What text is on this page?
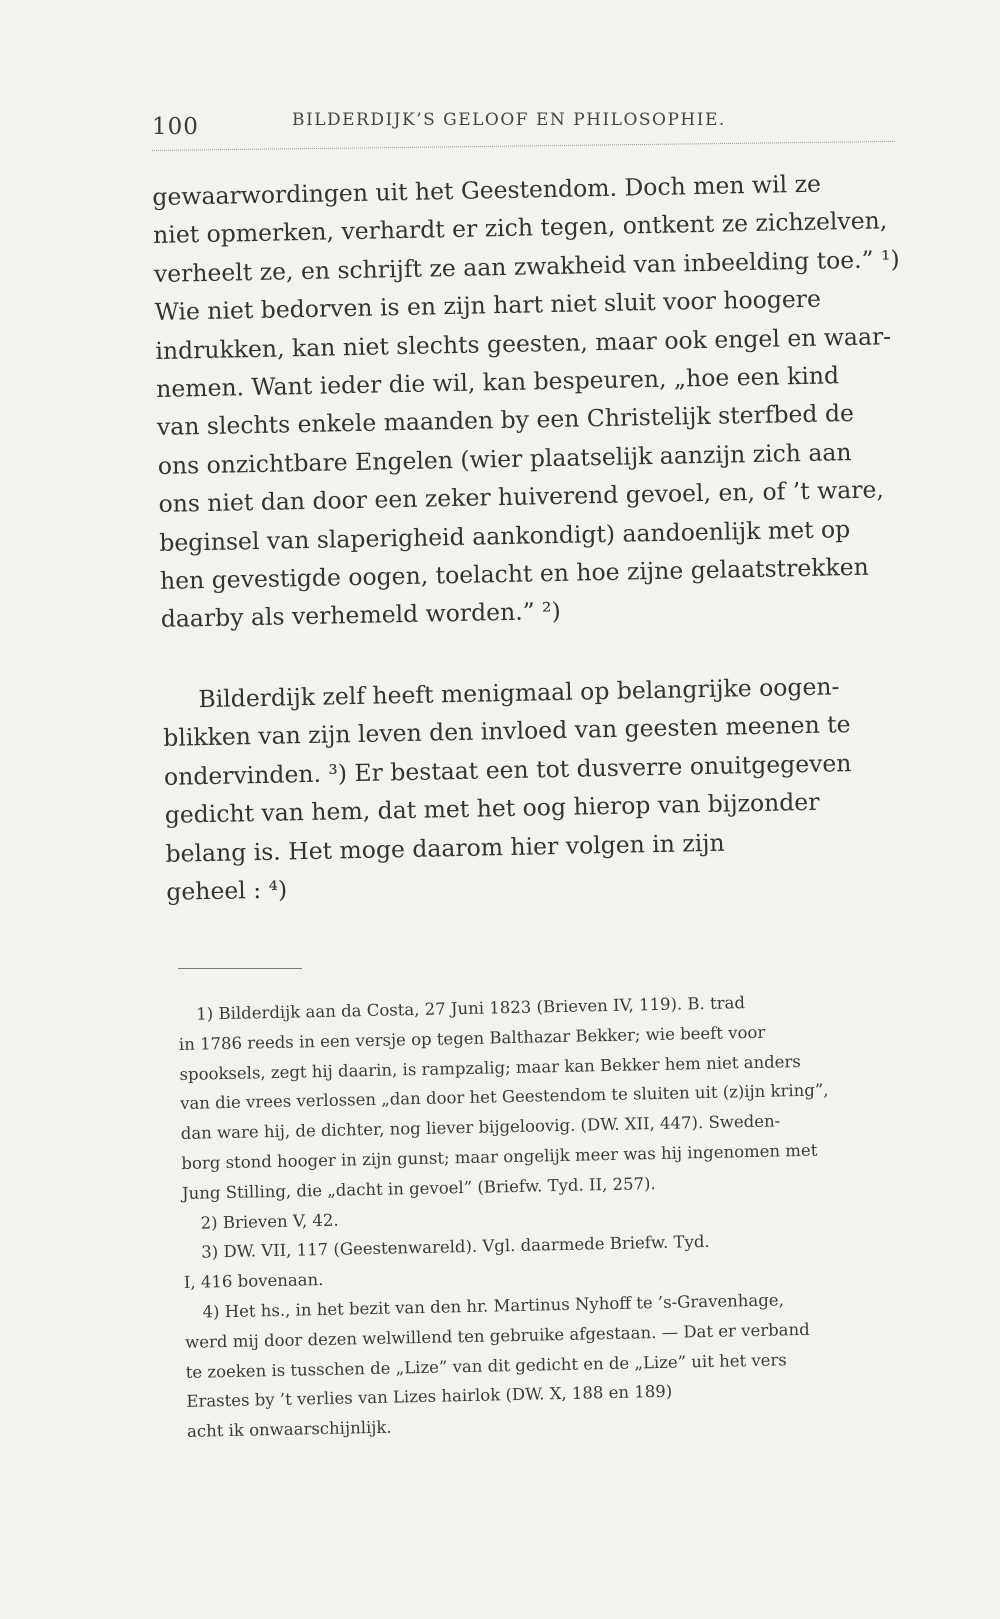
100	BILDERDIJK’S GELOOF EN PHILOSOPHIE.
gewaarwordingen uit het Geestendom. Doch men wil ze
niet opmerken, verhardt er zich tegen, ontkent ze zichzelven,
verheelt ze, en schrijft ze aan zwakheid van inbeelding toe.” ¹)
Wie niet bedorven is en zijn hart niet sluit voor hoogere
indrukken, kan niet slechts geesten, maar ook engel en waar-
nemen. Want ieder die wil, kan bespeuren, „hoe een kind
van slechts enkele maanden by een Christelijk sterfbed de
ons onzichtbare Engelen (wier plaatselijk aanzijn zich aan
ons niet dan door een zeker huiverend gevoel, en, of ’t ware,
beginsel van slaperigheid aankondigt) aandoenlijk met op
hen gevestigde oogen, toelacht en hoe zijne gelaatstrekken
daarby als verhemeld worden.” ²)
Bilderdijk zelf heeft menigmaal op belangrijke oogen-
blikken van zijn leven den invloed van geesten meenen te
ondervinden. ³) Er bestaat een tot dusverre onuitgegeven
gedicht van hem, dat met het oog hierop van bijzonder
belang is. Het moge daarom hier volgen in zijn
geheel : ⁴)
1) Bilderdijk aan da Costa, 27 Juni 1823 (Brieven IV, 119). B. trad
in 1786 reeds in een versje op tegen Balthazar Bekker; wie beeft voor
spooksels, zegt hij daarin, is rampzalig; maar kan Bekker hem niet anders
van die vrees verlossen „dan door het Geestendom te sluiten uit (z)ijn kring”,
dan ware hij, de dichter, nog liever bijgeloovig. (DW. XII, 447). Sweden-
borg stond hooger in zijn gunst; maar ongelijk meer was hij ingenomen met
Jung Stilling, die „dacht in gevoel” (Briefw. Tyd. II, 257).
2) Brieven V, 42.
3) DW. VII, 117 (Geestenwareld). Vgl. daarmede Briefw. Tyd.
I, 416 bovenaan.
4) Het hs., in het bezit van den hr. Martinus Nyhoff te ’s-Gravenhage,
werd mij door dezen welwillend ten gebruike afgestaan. — Dat er verband
te zoeken is tusschen de „Lize” van dit gedicht en de „Lize” uit het vers
Erastes by ’t verlies van Lizes hairlok (DW. X, 188 en 189)
acht ik onwaarschijnlijk.
